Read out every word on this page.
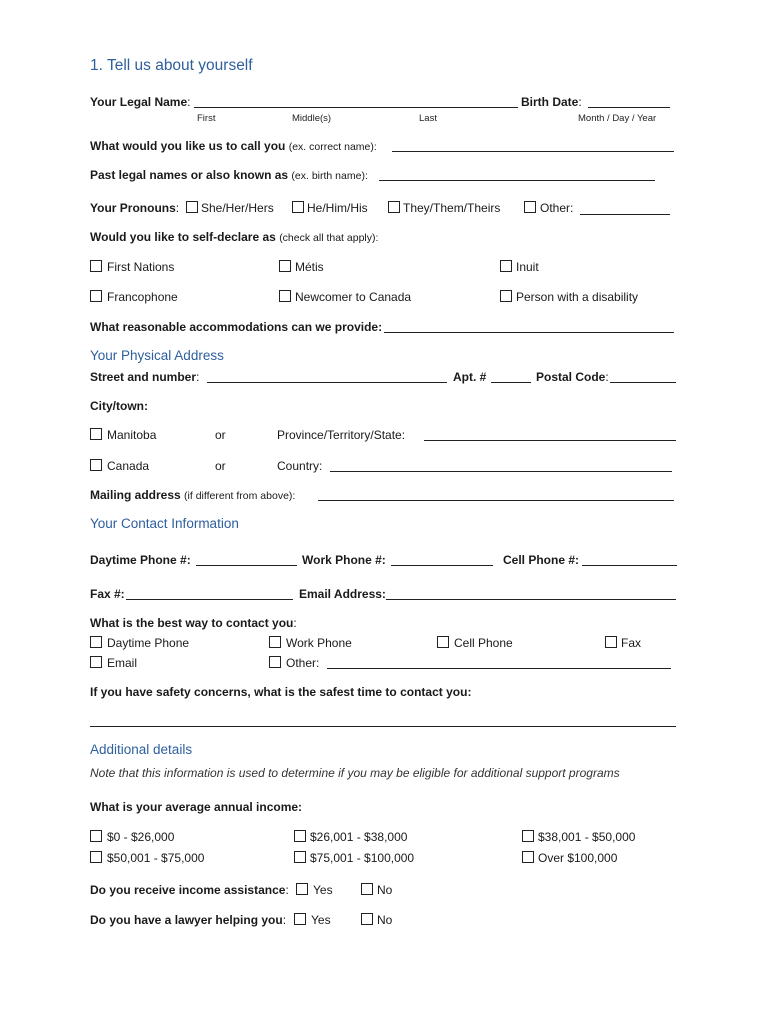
1. Tell us about yourself
Your Legal Name:
First	Middle(s)	Last
Birth Date:
Month / Day / Year
What would you like us to call you (ex. correct name):
Past legal names or also known as (ex. birth name):
Your Pronouns: She/Her/Hers	He/Him/His	They/Them/Theirs	Other:
Would you like to self-declare as (check all that apply):
First Nations	Métis	Inuit
Francophone	Newcomer to Canada	Person with a disability
What reasonable accommodations can we provide:
Your Physical Address
Street and number:	Apt. #	Postal Code:
City/town:
Manitoba	or	Province/Territory/State:
Canada	or	Country:
Mailing address (if different from above):
Your Contact Information
Daytime Phone #:	Work Phone #:	Cell Phone #:
Fax #:	Email Address:
What is the best way to contact you:
Daytime Phone	Work Phone	Cell Phone	Fax
Email	Other:
If you have safety concerns, what is the safest time to contact you:
Additional details
Note that this information is used to determine if you may be eligible for additional support programs
What is your average annual income:
$0 - $26,000	$26,001 - $38,000	$38,001 - $50,000
$50,001 - $75,000	$75,001 - $100,000	Over $100,000
Do you receive income assistance: Yes	No
Do you have a lawyer helping you: Yes	No
